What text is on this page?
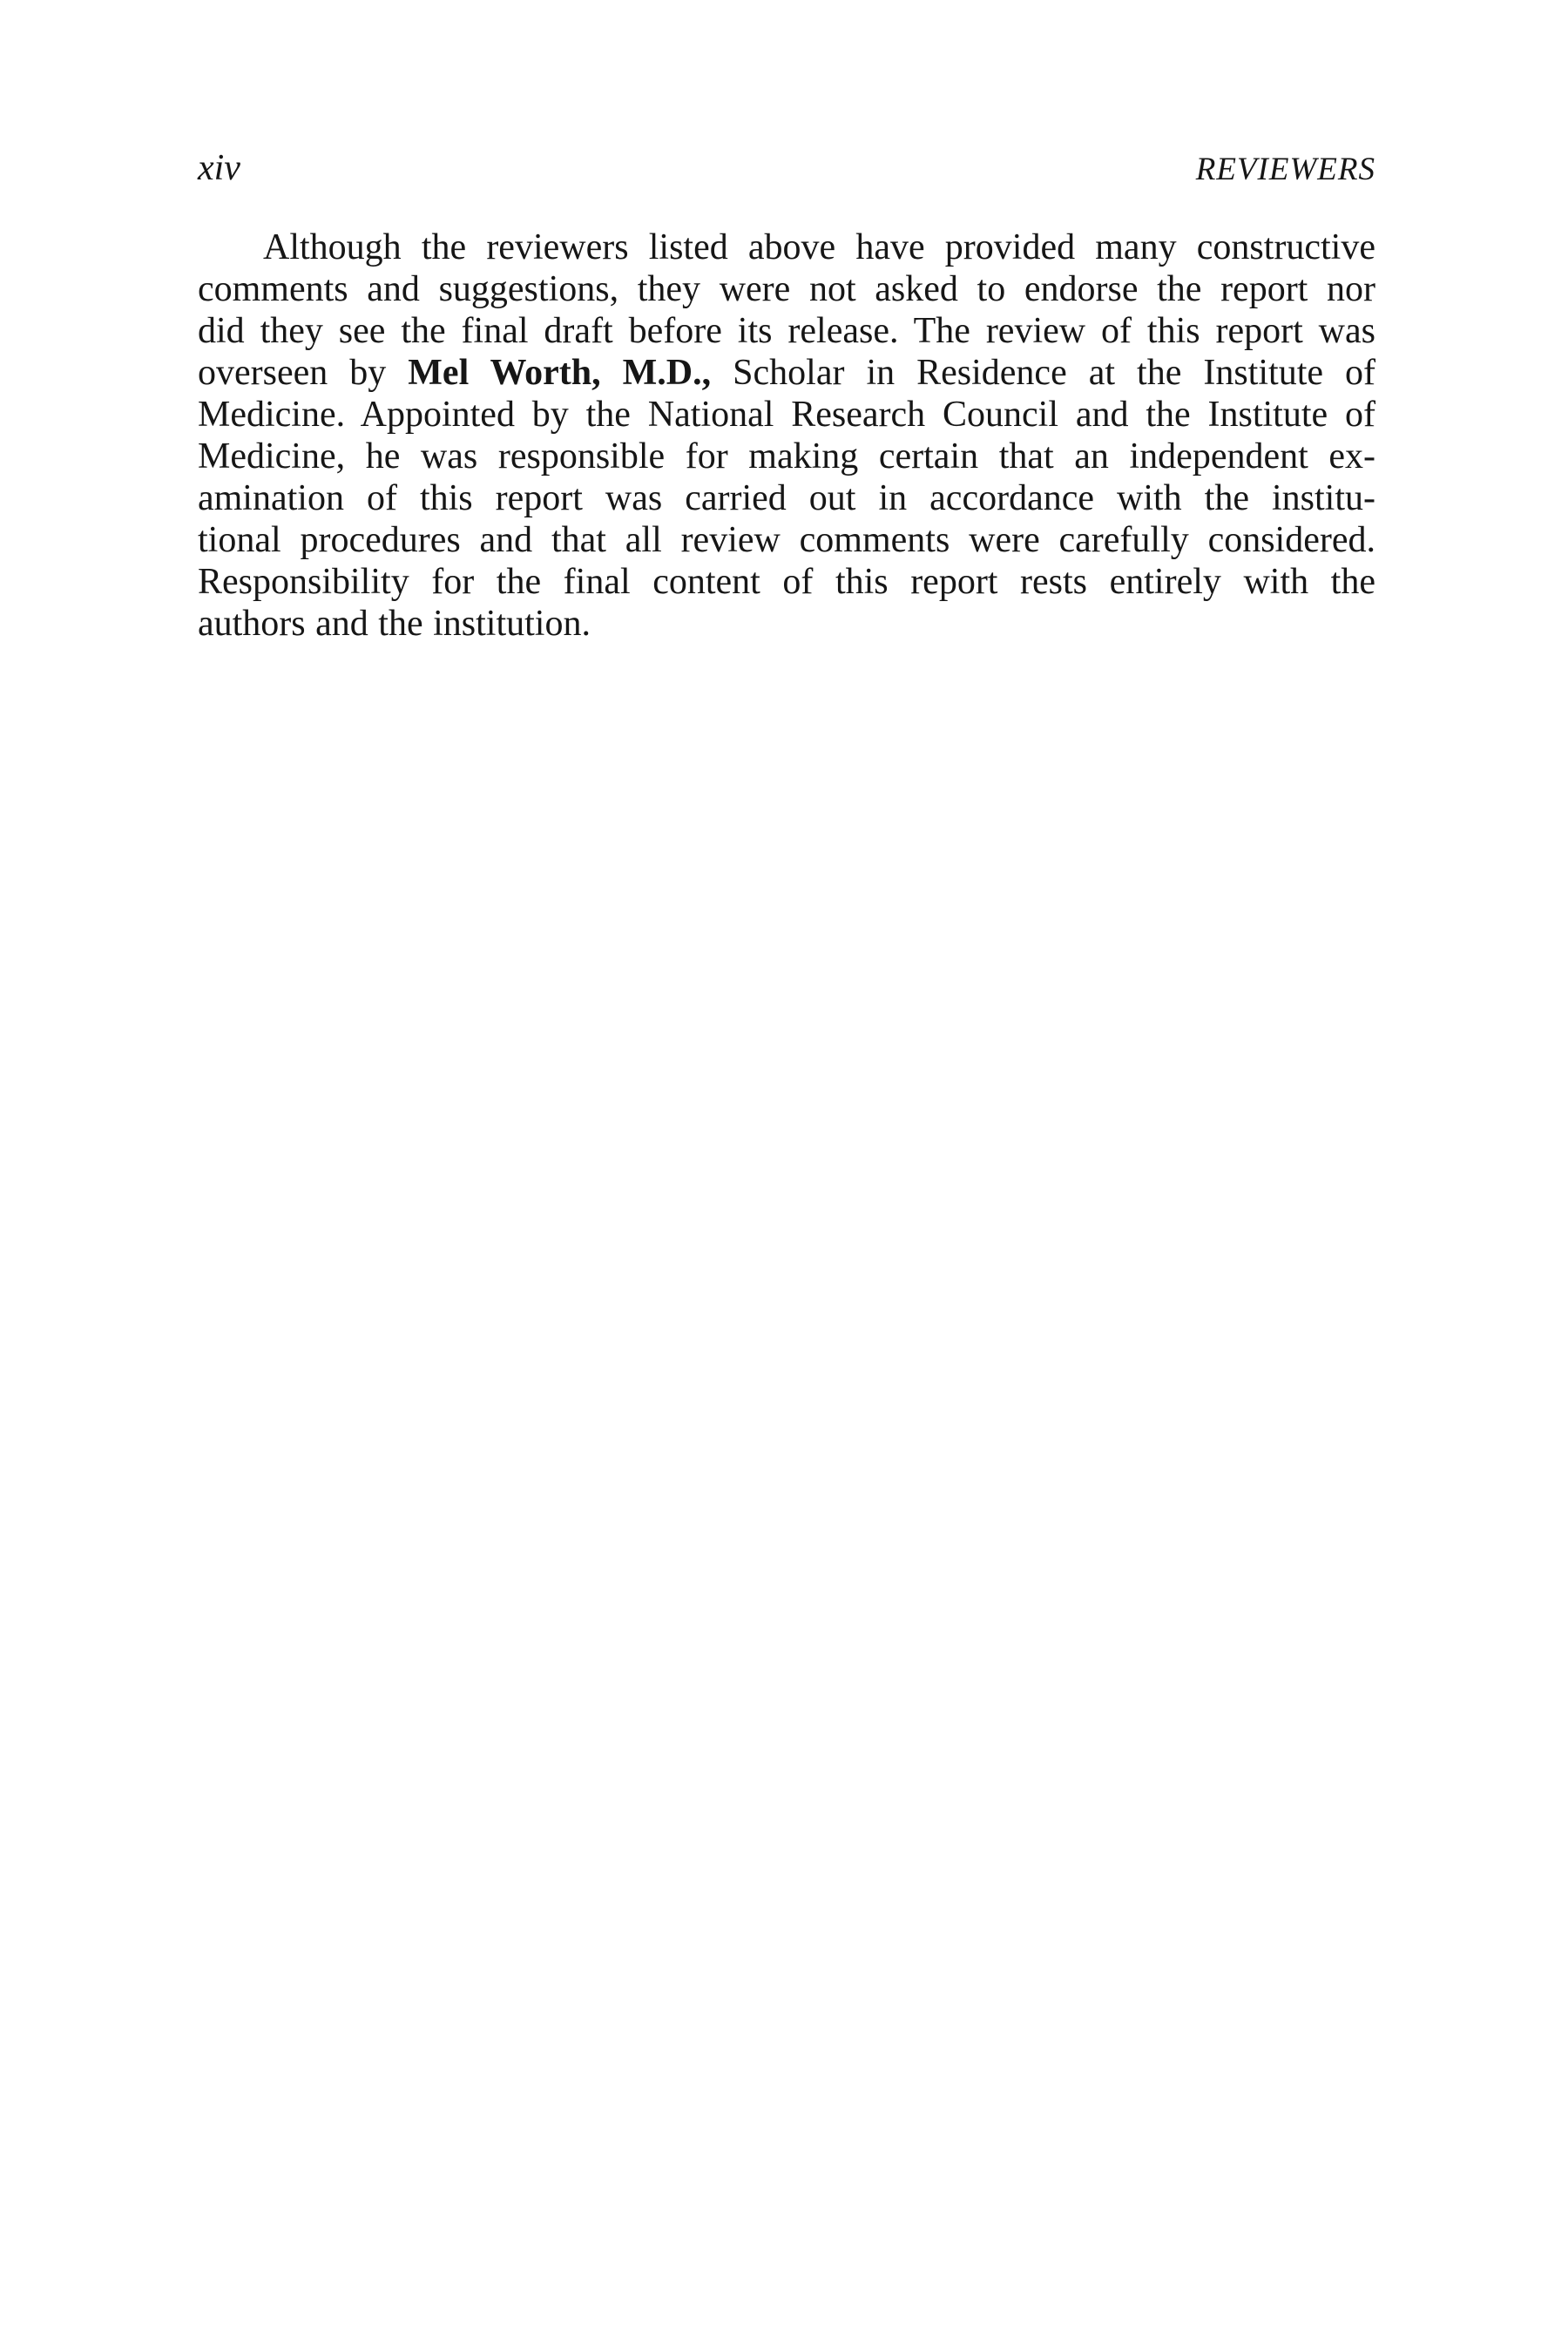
xiv	REVIEWERS
Although the reviewers listed above have provided many constructive
comments and suggestions, they were not asked to endorse the report nor
did they see the final draft before its release. The review of this report was
overseen by Mel Worth, M.D., Scholar in Residence at the Institute of
Medicine. Appointed by the National Research Council and the Institute of
Medicine, he was responsible for making certain that an independent ex-
amination of this report was carried out in accordance with the institu-
tional procedures and that all review comments were carefully considered.
Responsibility for the final content of this report rests entirely with the
authors and the institution.
